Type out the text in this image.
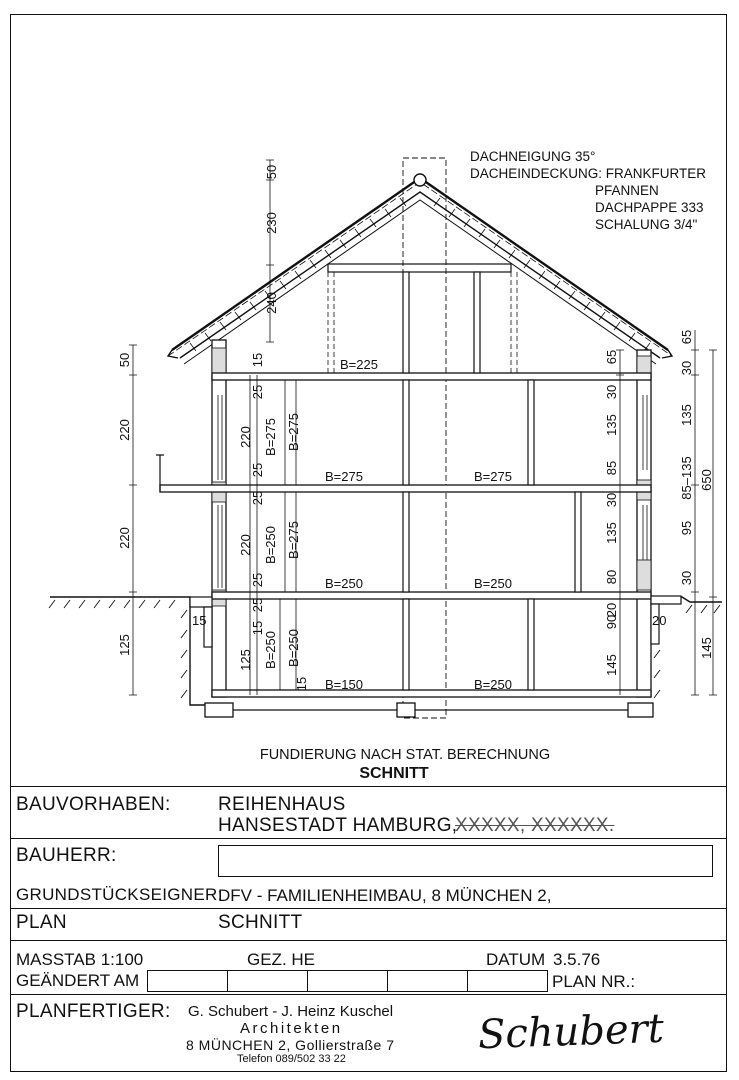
DACHNEIGUNG 35°
DACHEINDECKUNG: FRANKFURTER
PFANNEN
DACHPAPPE 333
SCHALUNG 3/4"
B=225
B=275	B=275
B=250	B=250
B=150	B=250
50
230
240
50
220
220
125
15
15
25
220 B=275 B=275
25
25
220 B=250 B=275
25
25
15
125 B=250 B=250
15
65
65
30
135
85
30
135
80
20
90
145
20
30
135
85–135
95
30
650
145
FUNDIERUNG NACH STAT. BERECHNUNG
SCHNITT
BAUVORHABEN: REIHENHAUS
HANSESTADT HAMBURG,
XXXXX, XXXXXX.
BAUHERR:
GRUNDSTÜCKSEIGNER:
DFV - FAMILIENHEIMBAU, 8 MÜNCHEN 2,
PLAN	SCHNITT
MASSTAB 1:100	GEZ. HE	DATUM 3.5.76
GEÄNDERT AM	PLAN NR.:
PLANFERTIGER: G. Schubert - J. Heinz Kuschel
Architekten
8 MÜNCHEN 2, Gollierstraße 7
Telefon 089/502 33 22
Schubert
